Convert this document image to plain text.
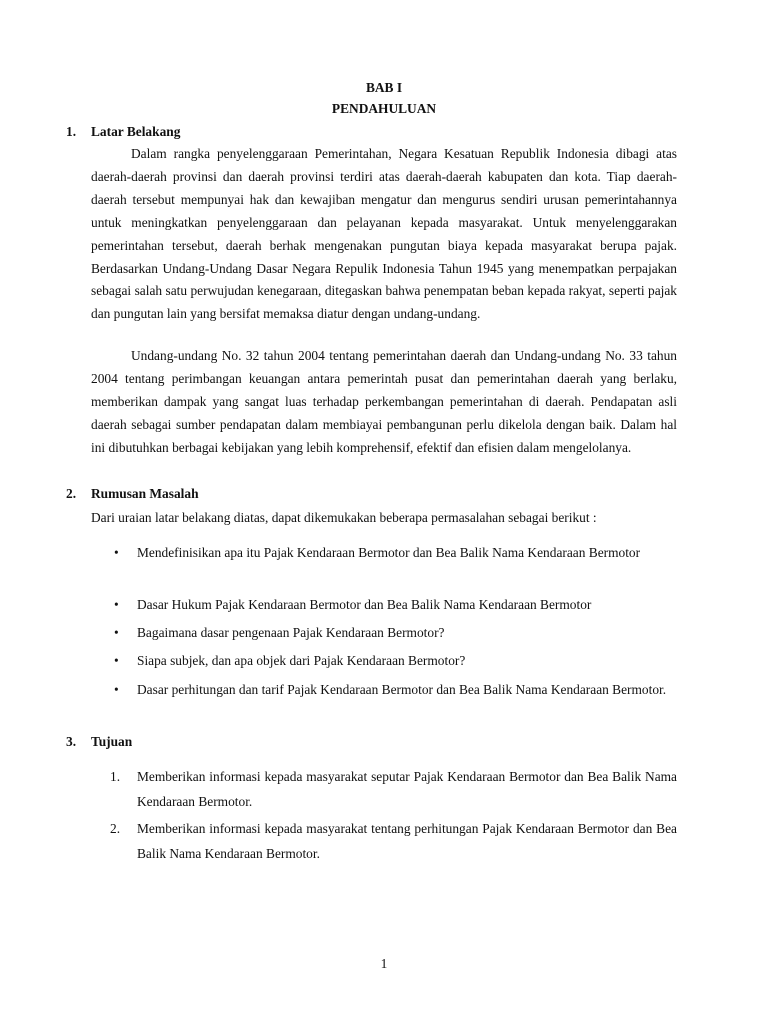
BAB I
PENDAHULUAN
1. Latar Belakang

Dalam rangka penyelenggaraan Pemerintahan, Negara Kesatuan Republik Indonesia dibagi atas daerah-daerah provinsi dan daerah provinsi terdiri atas daerah-daerah kabupaten dan kota. Tiap daerah-daerah tersebut mempunyai hak dan kewajiban mengatur dan mengurus sendiri urusan pemerintahannya untuk meningkatkan penyelenggaraan dan pelayanan kepada masyarakat. Untuk menyelenggarakan pemerintahan tersebut, daerah berhak mengenakan pungutan biaya kepada masyarakat berupa pajak. Berdasarkan Undang-Undang Dasar Negara Repulik Indonesia Tahun 1945 yang menempatkan perpajakan sebagai salah satu perwujudan kenegaraan, ditegaskan bahwa penempatan beban kepada rakyat, seperti pajak dan pungutan lain yang bersifat memaksa diatur dengan undang-undang.

Undang-undang No. 32 tahun 2004 tentang pemerintahan daerah dan Undang-undang No. 33 tahun 2004 tentang perimbangan keuangan antara pemerintah pusat dan pemerintahan daerah yang berlaku, memberikan dampak yang sangat luas terhadap perkembangan pemerintahan di daerah. Pendapatan asli daerah sebagai sumber pendapatan dalam membiayai pembangunan perlu dikelola dengan baik. Dalam hal ini dibutuhkan berbagai kebijakan yang lebih komprehensif, efektif dan efisien dalam mengelolanya.

2. Rumusan Masalah

Dari uraian latar belakang diatas, dapat dikemukakan beberapa permasalahan sebagai berikut :

•	Mendefinisikan apa itu Pajak Kendaraan Bermotor dan Bea Balik Nama Kendaraan Bermotor
•	Dasar Hukum Pajak Kendaraan Bermotor dan Bea Balik Nama Kendaraan Bermotor
•	Bagaimana dasar pengenaan Pajak Kendaraan Bermotor?
•	Siapa subjek, dan apa objek dari Pajak Kendaraan Bermotor?
•	Dasar perhitungan dan tarif Pajak Kendaraan Bermotor dan Bea Balik Nama Kendaraan Bermotor.
3. Tujuan
1.	Memberikan informasi kepada masyarakat seputar Pajak Kendaraan Bermotor dan Bea Balik Nama Kendaraan Bermotor.
2.	Memberikan informasi kepada masyarakat tentang perhitungan Pajak Kendaraan Bermotor dan Bea Balik Nama Kendaraan Bermotor.
1
